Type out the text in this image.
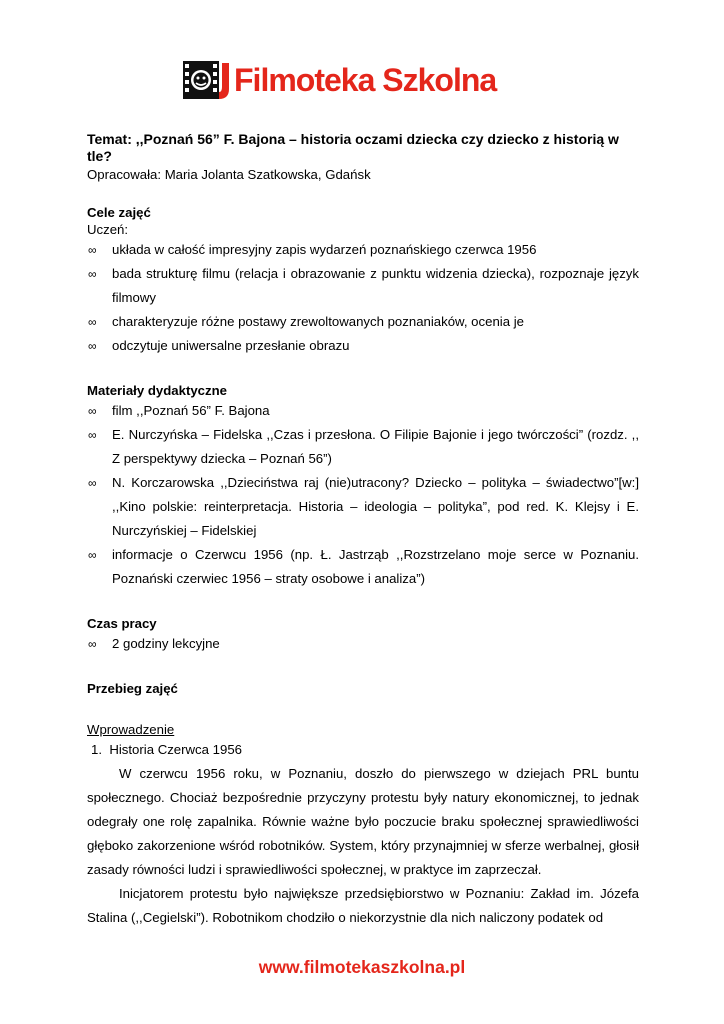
Filmoteka Szkolna

Temat: ,,Poznań 56” F. Bajona – historia oczami dziecka czy dziecko z historią w tle?

Opracowała: Maria Jolanta Szatkowska, Gdańsk

Cele zajęć

Uczeń:

∞ układa w całość impresyjny zapis wydarzeń poznańskiego czerwca 1956
∞ bada strukturę filmu (relacja i obrazowanie z punktu widzenia dziecka), rozpoznaje język filmowy
∞ charakteryzuje różne postawy zrewoltowanych poznaniaków, ocenia je
∞ odczytuje uniwersalne przesłanie obrazu

Materiały dydaktyczne

∞ film ,,Poznań 56” F. Bajona
∞ E. Nurczyńska – Fidelska ,,Czas i przesłona. O Filipie Bajonie i jego twórczości” (rozdz. ,, Z perspektywy dziecka – Poznań 56”)
∞ N. Korczarowska ,,Dzieciństwa raj (nie)utracony? Dziecko – polityka – świadectwo”[w:] ,,Kino polskie: reinterpretacja. Historia – ideologia – polityka”, pod red. K. Klejsy i E. Nurczyńskiej – Fidelskiej
∞ informacje o Czerwcu 1956 (np. Ł. Jastrząb ,,Rozstrzelano moje serce w Poznaniu. Poznański czerwiec 1956 – straty osobowe i analiza”)

Czas pracy

∞ 2 godziny lekcyjne

Przebieg zajęć

Wprowadzenie

1. Historia Czerwca 1956

W czerwcu 1956 roku, w Poznaniu, doszło do pierwszego w dziejach PRL buntu społecznego. Chociaż bezpośrednie przyczyny protestu były natury ekonomicznej, to jednak odegrały one rolę zapalnika. Równie ważne było poczucie braku społecznej sprawiedliwości głęboko zakorzenione wśród robotników. System, który przynajmniej w sferze werbalnej, głosił zasady równości ludzi i sprawiedliwości społecznej, w praktyce im zaprzeczał.

Inicjatorem protestu było największe przedsiębiorstwo w Poznaniu: Zakład im. Józefa Stalina (,,Cegielski”). Robotnikom chodziło o niekorzystnie dla nich naliczony podatek od

www.filmotekaszkolna.pl
